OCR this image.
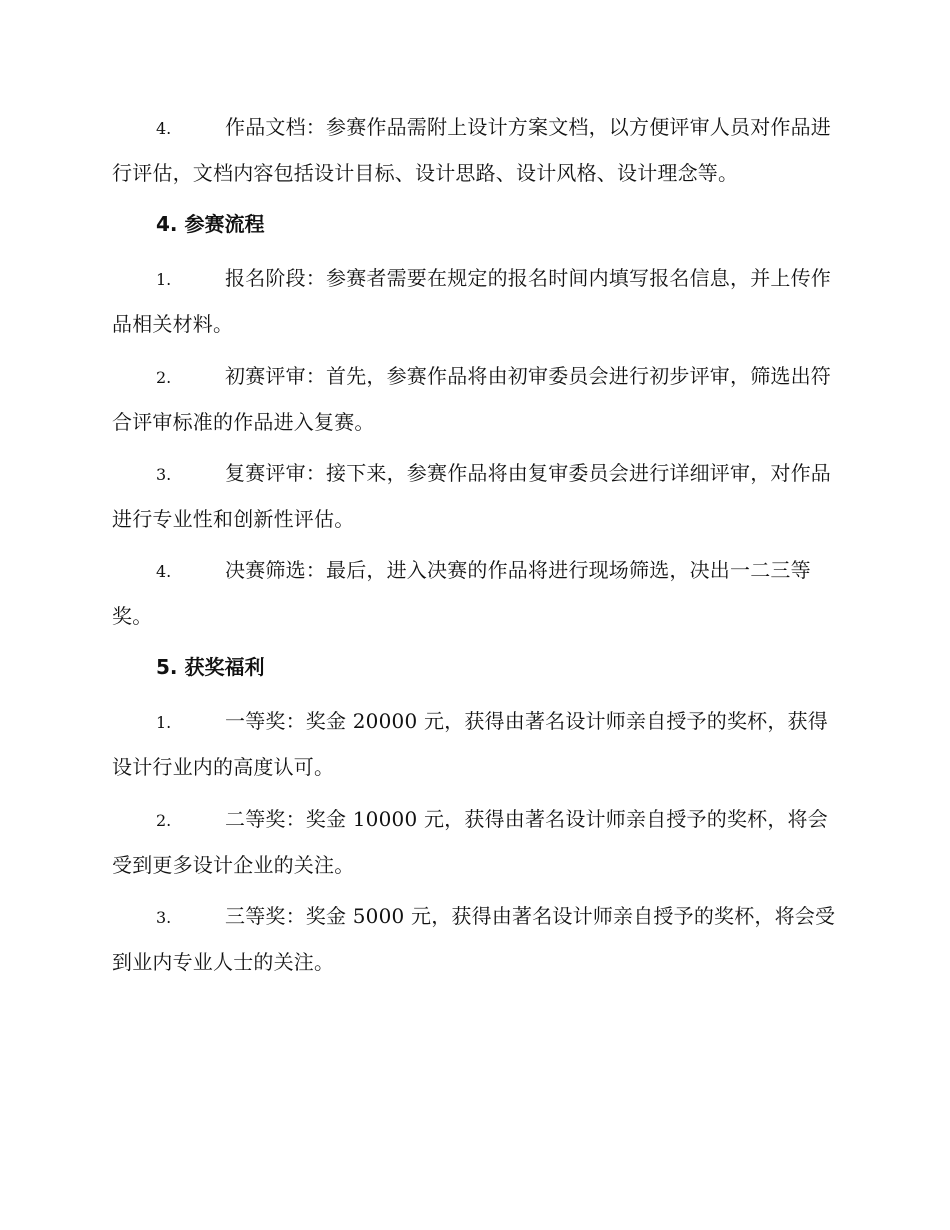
4.	作品文档：参赛作品需附上设计方案文档，以方便评审人员对作品进行评估，文档内容包括设计目标、设计思路、设计风格、设计理念等。
4. 参赛流程
1.	报名阶段：参赛者需要在规定的报名时间内填写报名信息，并上传作品相关材料。
2.	初赛评审：首先，参赛作品将由初审委员会进行初步评审，筛选出符合评审标准的作品进入复赛。
3.	复赛评审：接下来，参赛作品将由复审委员会进行详细评审，对作品进行专业性和创新性评估。
4.	决赛筛选：最后，进入决赛的作品将进行现场筛选，决出一二三等奖。
5. 获奖福利
1.	一等奖：奖金 20000 元，获得由著名设计师亲自授予的奖杯，获得设计行业内的高度认可。
2.	二等奖：奖金 10000 元，获得由著名设计师亲自授予的奖杯，将会受到更多设计企业的关注。
3.	三等奖：奖金 5000 元，获得由著名设计师亲自授予的奖杯，将会受到业内专业人士的关注。
